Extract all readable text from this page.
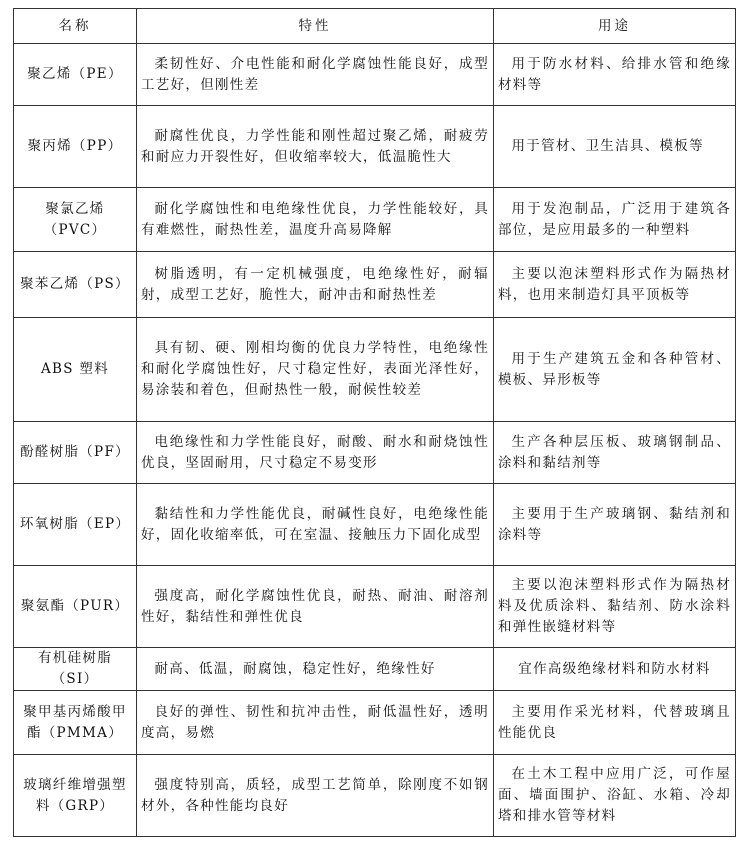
名称	特性	用途
聚乙烯（PE）	柔韧性好、介电性能和耐化学腐蚀性能良好，成型工艺好，但刚性差	用于防水材料、给排水管和绝缘材料等
聚丙烯（PP）	耐腐性优良，力学性能和刚性超过聚乙烯，耐疲劳和耐应力开裂性好，但收缩率较大，低温脆性大	用于管材、卫生洁具、模板等
聚氯乙烯（PVC）	耐化学腐蚀性和电绝缘性优良，力学性能较好，具有难燃性，耐热性差，温度升高易降解	用于发泡制品，广泛用于建筑各部位，是应用最多的一种塑料
聚苯乙烯（PS）	树脂透明，有一定机械强度，电绝缘性好，耐辐射，成型工艺好，脆性大，耐冲击和耐热性差	主要以泡沫塑料形式作为隔热材料，也用来制造灯具平顶板等
ABS 塑料	具有韧、硬、刚相均衡的优良力学特性，电绝缘性和耐化学腐蚀性好，尺寸稳定性好，表面光泽性好，易涂装和着色，但耐热性一般，耐候性较差	用于生产建筑五金和各种管材、模板、异形板等
酚醛树脂（PF）	电绝缘性和力学性能良好，耐酸、耐水和耐烧蚀性优良，坚固耐用，尺寸稳定不易变形	生产各种层压板、玻璃钢制品、涂料和黏结剂等
环氧树脂（EP）	黏结性和力学性能优良，耐碱性良好，电绝缘性能好，固化收缩率低，可在室温、接触压力下固化成型	主要用于生产玻璃钢、黏结剂和涂料等
聚氨酯（PUR）	强度高，耐化学腐蚀性优良，耐热、耐油、耐溶剂性好，黏结性和弹性优良	主要以泡沫塑料形式作为隔热材料及优质涂料、黏结剂、防水涂料和弹性嵌缝材料等
有机硅树脂（SI）	耐高、低温，耐腐蚀，稳定性好，绝缘性好	宜作高级绝缘材料和防水材料
聚甲基丙烯酸甲酯（PMMA）	良好的弹性、韧性和抗冲击性，耐低温性好，透明度高，易燃	主要用作采光材料，代替玻璃且性能优良
玻璃纤维增强塑料（GRP）	强度特别高，质轻，成型工艺简单，除刚度不如钢材外，各种性能均良好	在土木工程中应用广泛，可作屋面、墙面围护、浴缸、水箱、冷却塔和排水管等材料
